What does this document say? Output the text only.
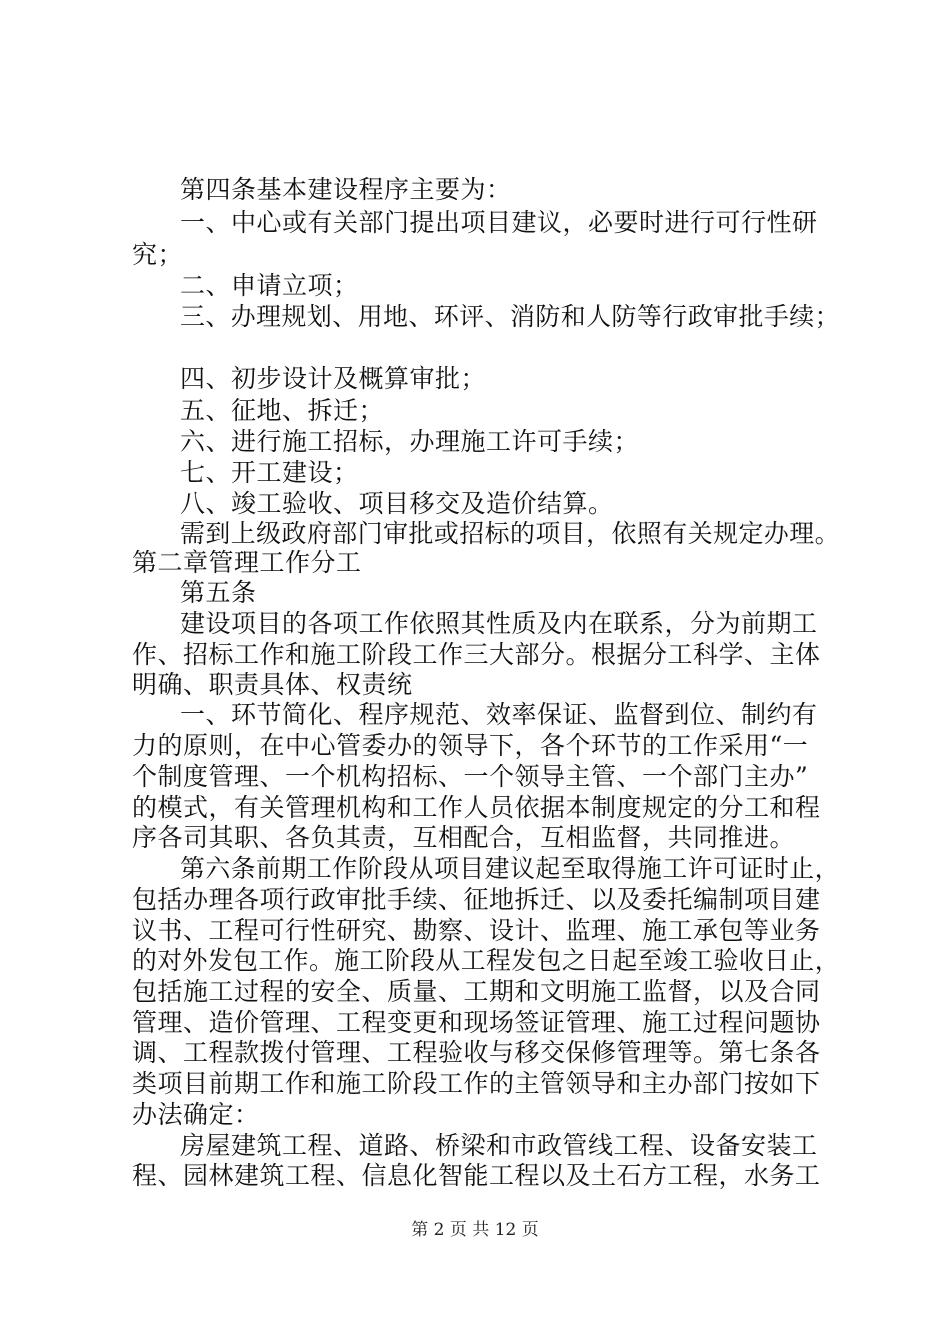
第四条基本建设程序主要为：
一、中心或有关部门提出项目建议，必要时进行可行性研
究；
二、申请立项；
三、办理规划、用地、环评、消防和人防等行政审批手续；
四、初步设计及概算审批；
五、征地、拆迁；
六、进行施工招标，办理施工许可手续；
七、开工建设；
八、竣工验收、项目移交及造价结算。
需到上级政府部门审批或招标的项目，依照有关规定办理。
第二章管理工作分工
第五条
建设项目的各项工作依照其性质及内在联系，分为前期工
作、招标工作和施工阶段工作三大部分。根据分工科学、主体
明确、职责具体、权责统
一、环节简化、程序规范、效率保证、监督到位、制约有
力的原则，在中心管委办的领导下，各个环节的工作采用“一
个制度管理、一个机构招标、一个领导主管、一个部门主办”
的模式，有关管理机构和工作人员依据本制度规定的分工和程
序各司其职、各负其责，互相配合，互相监督，共同推进。
第六条前期工作阶段从项目建议起至取得施工许可证时止，
包括办理各项行政审批手续、征地拆迁、以及委托编制项目建
议书、工程可行性研究、勘察、设计、监理、施工承包等业务
的对外发包工作。施工阶段从工程发包之日起至竣工验收日止，
包括施工过程的安全、质量、工期和文明施工监督，以及合同
管理、造价管理、工程变更和现场签证管理、施工过程问题协
调、工程款拨付管理、工程验收与移交保修管理等。第七条各
类项目前期工作和施工阶段工作的主管领导和主办部门按如下
办法确定：
房屋建筑工程、道路、桥梁和市政管线工程、设备安装工
程、园林建筑工程、信息化智能工程以及土石方工程，水务工
第 2 页 共 12 页
